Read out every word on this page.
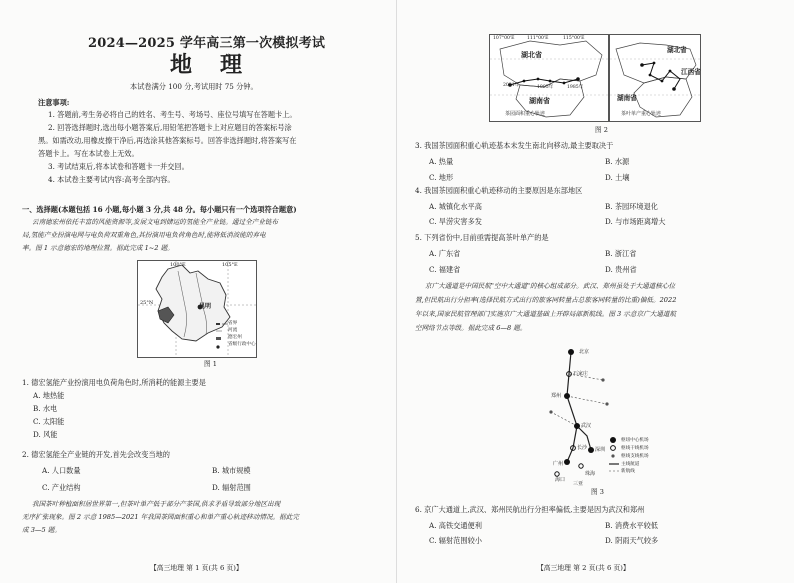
2024—2025 学年高三第一次模拟考试
地理
本试卷满分 100 分,考试用时 75 分钟。
注意事项:
1. 答题前,考生务必将自己的姓名、考生号、考场号、座位号填写在答题卡上。
2. 回答选择题时,选出每小题答案后,用铅笔把答题卡上对应题目的答案标号涂
黑。如需改动,用橡皮擦干净后,再选涂其他答案标号。回答非选择题时,将答案写在
答题卡上。写在本试卷上无效。
3. 考试结束后,将本试卷和答题卡一并交回。
4. 本试卷主要考试内容:高考全部内容。
一、选择题(本题包括 16 小题,每小题 3 分,共 48 分。每小题只有一个选项符合题意)
云南德宏州依托丰富的风能资源等,发展文电到储运的氢能全产业链。通过全产业链布
局,氢能产业扮演电网与电负荷双重角色,其扮演用电负荷角色时,能将低消波能的弃电
率。图 1 示意德宏的地理位置。据此完成 1~2 题。
100°E	105°E
25°N	昆明
省界
河流
德宏州
省级行政中心
图 1
1. 德宏氢能产业扮演用电负荷角色时,所消耗的能源主要是
A. 地热能
B. 水电
C. 太阳能
D. 风能
2. 德宏氢能全产业链的开发,首先会改变当地的
A. 人口数量	B. 城市规模
C. 产业结构	D. 辐射范围
我国茶叶种植面积居世界第一,但茶叶单产低于部分产茶国,供求矛盾导致部分地区出现
无序扩张现象。图 2 示意 1985—2021 年我国茶园面积重心和单产重心轨迹移动情况。据此完
成 3—5 题。
【高三地理 第 1 页(共 6 页)】
107°00'E	111°00'E	115°00'E
湖北省
湖南省
2021年	1995年	1985年
茶园面积重心轨迹
湖北省
江西省
湖南省
茶叶单产重心轨迹
图 2
3. 我国茶园面积重心轨迹基本未发生南北向移动,最主要取决于
A. 热量	B. 水源
C. 地形	D. 土壤
4. 我国茶园面积重心轨迹移动的主要原因是东部地区
A. 城镇化水平高	B. 茶园环境退化
C. 旱涝灾害多发	D. 与市场距离增大
5. 下列省份中,目前亟需提高茶叶单产的是
A. 广东省	B. 浙江省
C. 福建省	D. 贵州省
京广大通道是中国民航"空中大通道"的核心组成部分。武汉、郑州虽处于大通道核心位
置,但民航出行分担率(选择民航方式出行的旅客同转量占总旅客同转量的比重)偏低。2022
年以来,国家民航管理部门实施京广大通道基础上开辟局部新航线。图 3 示意京广大通道航
空网络节点等级。据此完成 6—8 题。
北京
石家庄
郑州
武汉
长沙
广州
深圳
珠海
海口
三亚
枢纽中心机场
枢线干线机场
枢线支线机场
主线航道
新航线
图 3
6. 京广大通道上,武汉、郑州民航出行分担率偏低,主要是因为武汉和郑州
A. 高铁交通便利	B. 消费水平较低
C. 辐射范围较小	D. 阴雨天气较多
【高三地理 第 2 页(共 6 页)】
